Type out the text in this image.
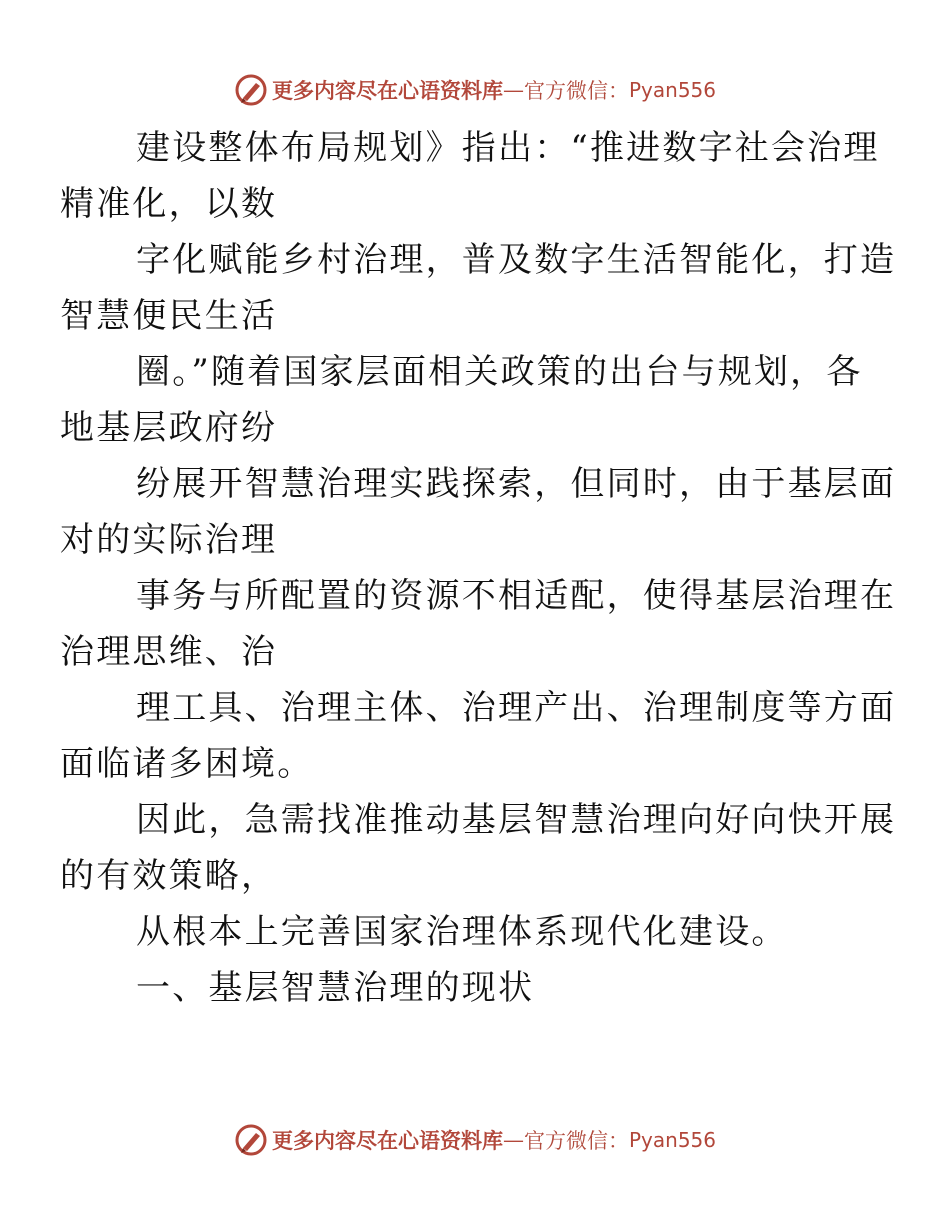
更多内容尽在心语资料库 — 官方微信： Pyan556

建设整体布局规划》指出：“推进数字社会治理
精准化，以数

字化赋能乡村治理，普及数字生活智能化，打造
智慧便民生活

圈。”随着国家层面相关政策的出台与规划，各
地基层政府纷

纷展开智慧治理实践探索，但同时，由于基层面
对的实际治理

事务与所配置的资源不相适配，使得基层治理在
治理思维、治

理工具、治理主体、治理产出、治理制度等方面
面临诸多困境。

因此，急需找准推动基层智慧治理向好向快开展
的有效策略，

从根本上完善国家治理体系现代化建设。

一、基层智慧治理的现状

更多内容尽在心语资料库 — 官方微信： Pyan556
